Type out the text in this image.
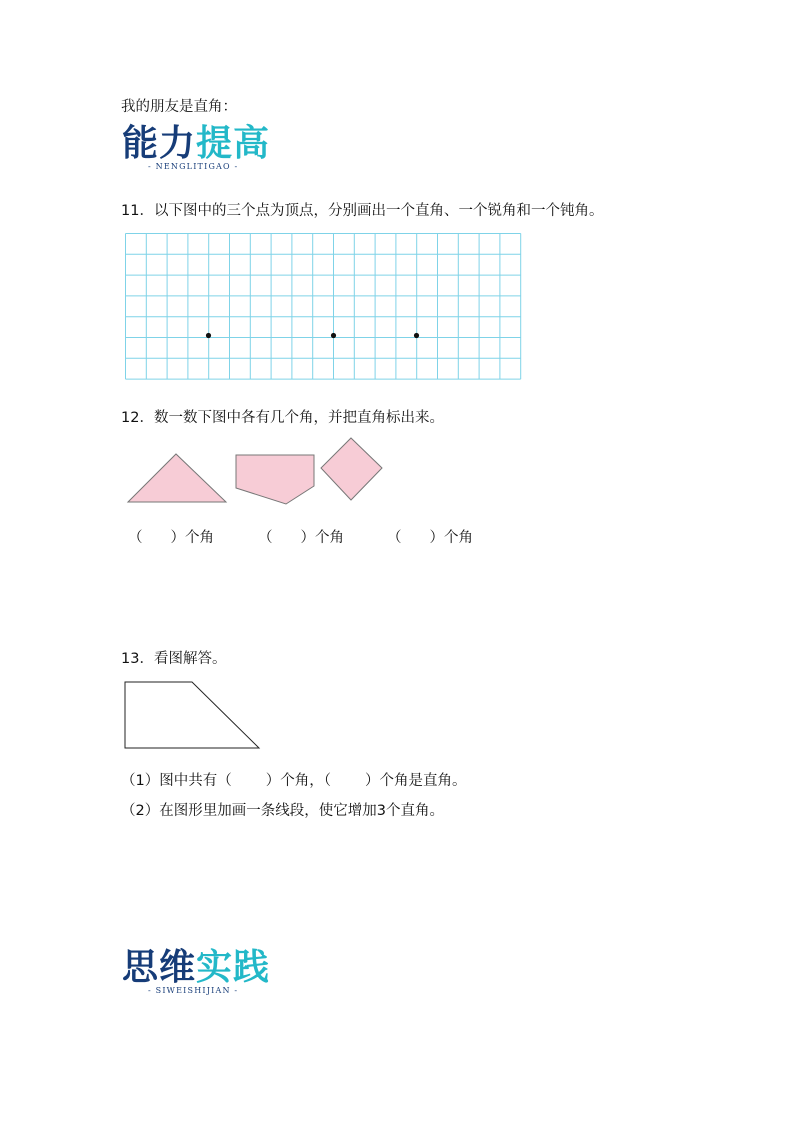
我的朋友是直角：
能力提高
- NENGLITIGAO -
11．以下图中的三个点为顶点，分别画出一个直角、一个锐角和一个钝角。
12．数一数下图中各有几个角，并把直角标出来。
（ ）个角	（ ）个角	（ ）个角
13．看图解答。
（1）图中共有（ ）个角，（ ）个角是直角。
（2）在图形里加画一条线段，使它增加3个直角。
思维实践
- SIWEISHIJIAN -
